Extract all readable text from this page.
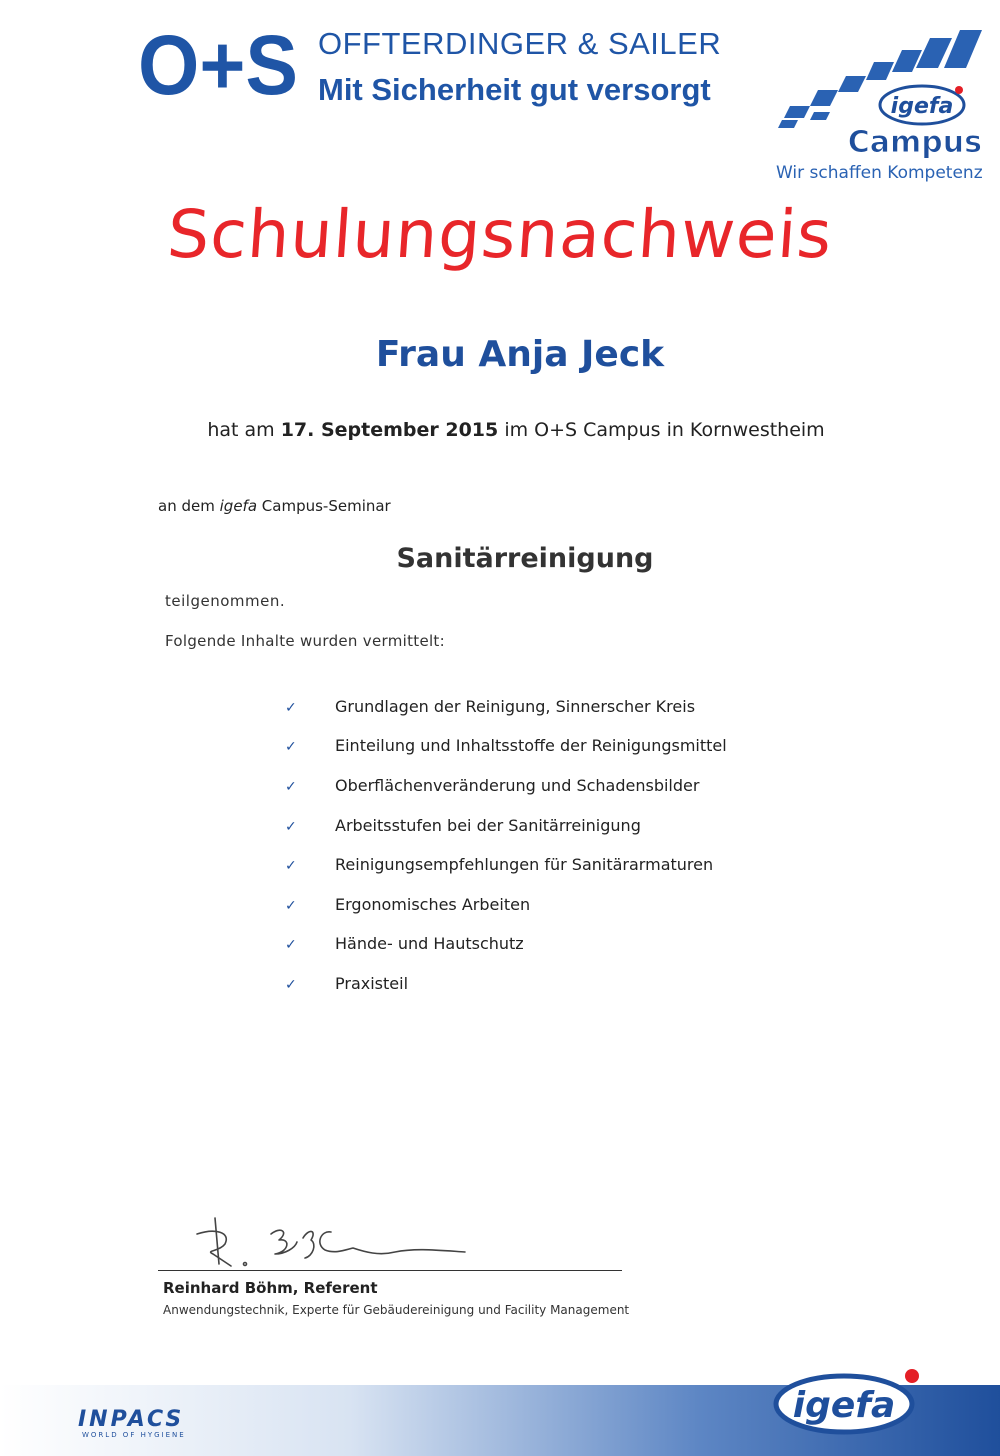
O+S OFFTERDINGER & SAILER
Mit Sicherheit gut versorgt	igefa
Campus
Wir schaffen Kompetenz
Schulungsnachweis
Frau Anja Jeck
hat am 17. September 2015 im O+S Campus in Kornwestheim
an dem igefa Campus-Seminar
Sanitärreinigung
teilgenommen.
Folgende Inhalte wurden vermittelt:
✓ Grundlagen der Reinigung, Sinnerscher Kreis
✓ Einteilung und Inhaltsstoffe der Reinigungsmittel
✓ Oberflächenveränderung und Schadensbilder
✓ Arbeitsstufen bei der Sanitärreinigung
✓ Reinigungsempfehlungen für Sanitärarmaturen
✓ Ergonomisches Arbeiten
✓ Hände- und Hautschutz
✓ Praxisteil
Reinhard Böhm, Referent
Anwendungstechnik, Experte für Gebäudereinigung und Facility Management
INPACS
WORLD OF HYGIENE
igefa
